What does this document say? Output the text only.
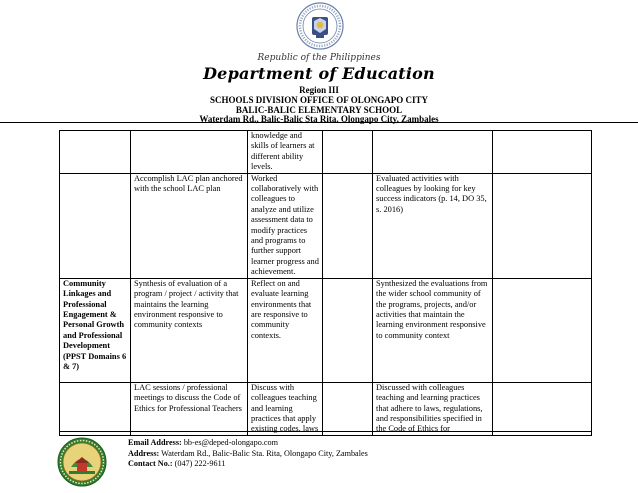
Republic of the Philippines
Department of Education
Region III
SCHOOLS DIVISION OFFICE OF OLONGAPO CITY
BALIC-BALIC ELEMENTARY SCHOOL
Waterdam Rd., Balic-Balic Sta Rita. Olongapo City, Zambales
		knowledge and skills of learners at different ability levels.			
	Accomplish LAC plan anchored with the school LAC plan	Worked collaboratively with colleagues to analyze and utilize assessment data to modify practices and programs to further support learner progress and achievement.		Evaluated activities with colleagues by looking for key success indicators (p. 14, DO 35, s. 2016)	
Community Linkages and Professional Engagement & Personal Growth and Professional Development (PPST Domains 6 & 7)	Synthesis of evaluation of a program / project / activity that maintains the learning environment responsive to community contexts	Reflect on and evaluate learning environments that are responsive to community contexts.		Synthesized the evaluations from the wider school community of the programs, projects, and/or activities that maintain the learning environment responsive to community context	
	LAC sessions / professional meetings to discuss the Code of Ethics for Professional Teachers	Discuss with colleagues teaching and learning practices that apply existing codes, laws		Discussed with colleagues teaching and learning practices that adhere to laws, regulations, and responsibilities specified in the Code of Ethics for	
Email Address: bb-es@deped-olongapo.com
Address: Waterdam Rd., Balic-Balic Sta. Rita, Olongapo City, Zambales
Contact No.: (047) 222-9611
